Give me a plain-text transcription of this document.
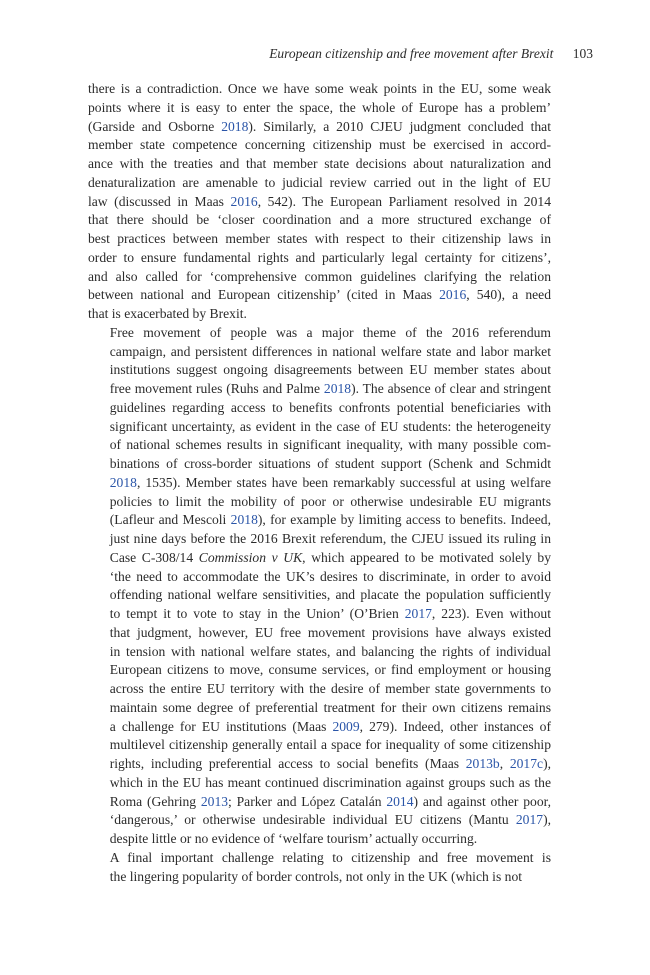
European citizenship and free movement after Brexit 103

there is a contradiction. Once we have some weak points in the EU, some weak
points where it is easy to enter the space, the whole of Europe has a problem’
(Garside and Osborne 2018). Similarly, a 2010 CJEU judgment concluded that
member state competence concerning citizenship must be exercised in accord-
ance with the treaties and that member state decisions about naturalization and
denaturalization are amenable to judicial review carried out in the light of EU
law (discussed in Maas 2016, 542). The European Parliament resolved in 2014
that there should be ‘closer coordination and a more structured exchange of
best practices between member states with respect to their citizenship laws in
order to ensure fundamental rights and particularly legal certainty for citizens’,
and also called for ‘comprehensive common guidelines clarifying the relation
between national and European citizenship’ (cited in Maas 2016, 540), a need
that is exacerbated by Brexit.

Free movement of people was a major theme of the 2016 referendum
campaign, and persistent differences in national welfare state and labor market
institutions suggest ongoing disagreements between EU member states about
free movement rules (Ruhs and Palme 2018). The absence of clear and stringent
guidelines regarding access to benefits confronts potential beneficiaries with
significant uncertainty, as evident in the case of EU students: the heterogeneity
of national schemes results in significant inequality, with many possible com-
binations of cross-border situations of student support (Schenk and Schmidt
2018, 1535). Member states have been remarkably successful at using welfare
policies to limit the mobility of poor or otherwise undesirable EU migrants
(Lafleur and Mescoli 2018), for example by limiting access to benefits. Indeed,
just nine days before the 2016 Brexit referendum, the CJEU issued its ruling in
Case C-308/14 Commission v UK, which appeared to be motivated solely by
‘the need to accommodate the UK’s desires to discriminate, in order to avoid
offending national welfare sensitivities, and placate the population sufficiently
to tempt it to vote to stay in the Union’ (O’Brien 2017, 223). Even without
that judgment, however, EU free movement provisions have always existed
in tension with national welfare states, and balancing the rights of individual
European citizens to move, consume services, or find employment or housing
across the entire EU territory with the desire of member state governments to
maintain some degree of preferential treatment for their own citizens remains
a challenge for EU institutions (Maas 2009, 279). Indeed, other instances of
multilevel citizenship generally entail a space for inequality of some citizenship
rights, including preferential access to social benefits (Maas 2013b, 2017c),
which in the EU has meant continued discrimination against groups such as the
Roma (Gehring 2013; Parker and López Catalán 2014) and against other poor,
‘dangerous,’ or otherwise undesirable individual EU citizens (Mantu 2017),
despite little or no evidence of ‘welfare tourism’ actually occurring.

A final important challenge relating to citizenship and free movement is
the lingering popularity of border controls, not only in the UK (which is not
